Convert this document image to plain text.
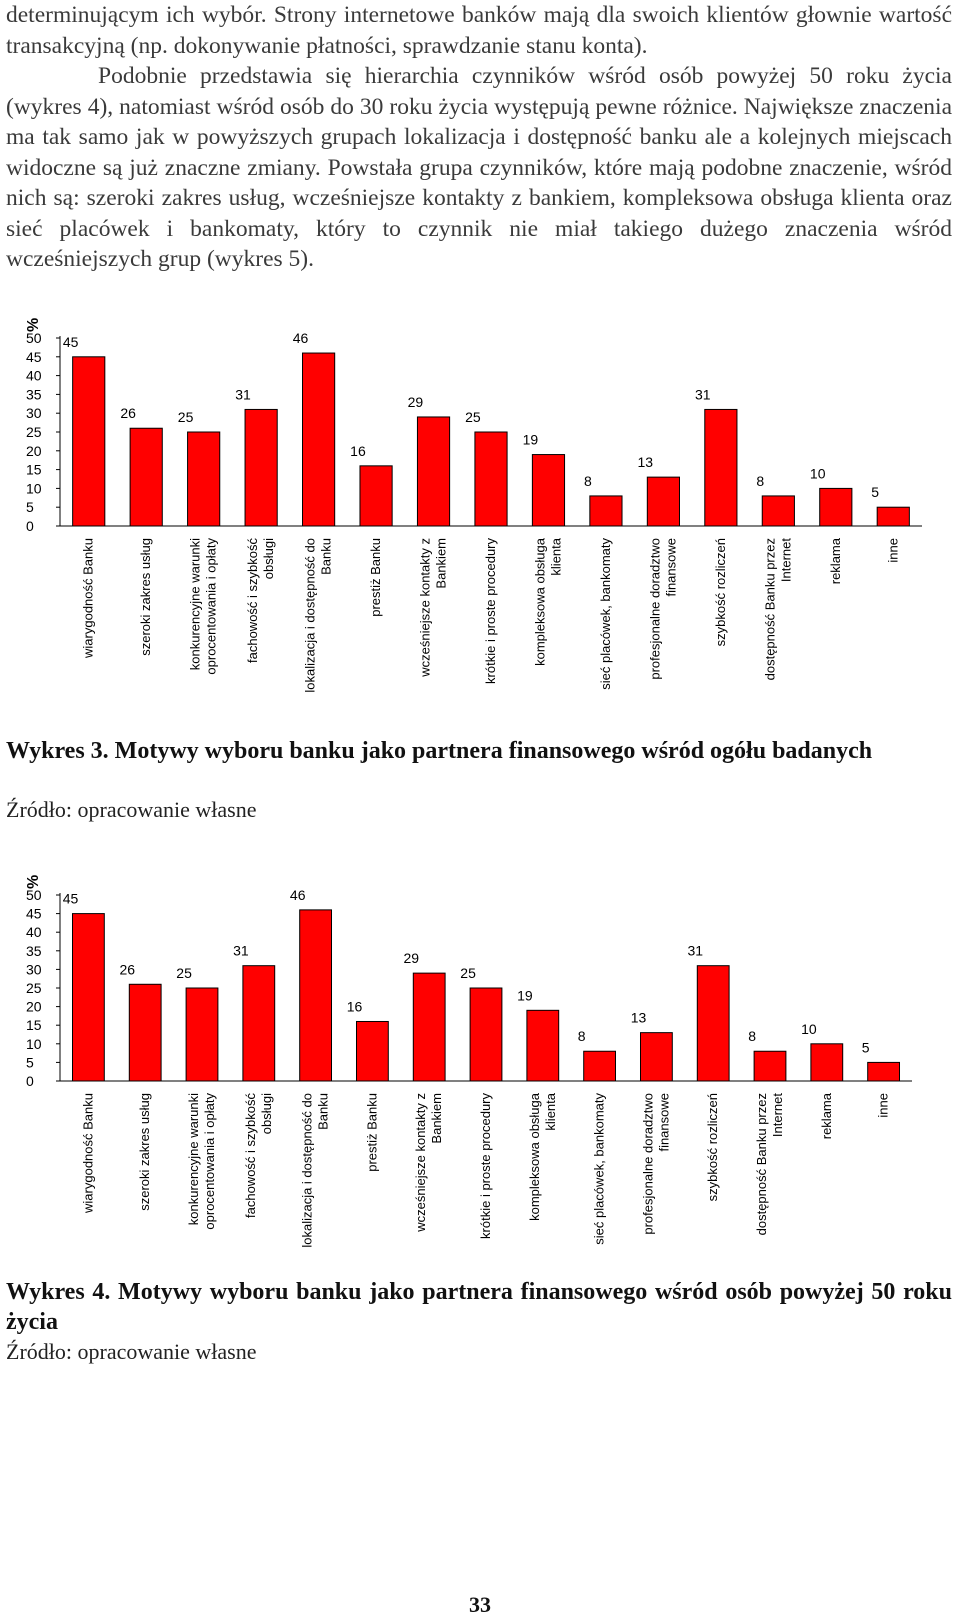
determinującym ich wybór. Strony internetowe banków mają dla swoich klientów głownie wartość transakcyjną (np. dokonywanie płatności, sprawdzanie stanu konta).

Podobnie przedstawia się hierarchia czynników wśród osób powyżej 50 roku życia (wykres 4), natomiast wśród osób do 30 roku życia występują pewne różnice. Największe znaczenia ma tak samo jak w powyższych grupach lokalizacja i dostępność banku ale a kolejnych miejscach widoczne są już znaczne zmiany. Powstała grupa czynników, które mają podobne znaczenie, wśród nich są: szeroki zakres usług, wcześniejsze kontakty z bankiem, kompleksowa obsługa klienta oraz sieć placówek i bankomaty, który to czynnik nie miał takiego dużego znaczenia wśród wcześniejszych grup (wykres 5).

%
0
5
10
15
20
25
30
35
40
45
50 45
wiarygodność Banku
26
szeroki zakres usług
25
konkurencyjne warunkioprocentowania i opłaty
31
fachowość i szybkośćobsługi
46
lokalizacja i dostępność doBanku
16
prestiż Banku
29
wcześniejsze kontakty zBankiem
25
krótkie i proste procedury
19
kompleksowa obsługaklienta
8
sieć placówek, bankomaty
13
profesjonalne doradztwofinansowe
31
szybkość rozliczeń
8
dostępność Banku przezInternet
10
reklama
5
inne

Wykres 3. Motywy wyboru banku jako partnera finansowego wśród ogółu badanych

Źródło: opracowanie własne

%
0
5
10
15
20
25
30
35
40
45
50 45
wiarygodność Banku
26
szeroki zakres usług
25
konkurencyjne warunkioprocentowania i opłaty
31
fachowość i szybkośćobsługi
46
lokalizacja i dostępność doBanku
16
prestiż Banku
29
wcześniejsze kontakty zBankiem
25
krótkie i proste procedury
19
kompleksowa obsługaklienta
8
sieć placówek, bankomaty
13
profesjonalne doradztwofinansowe
31
szybkość rozliczeń
8
dostępność Banku przezInternet
10
reklama
5
inne

Wykres 4. Motywy wyboru banku jako partnera finansowego wśród osób powyżej 50 roku życia

Źródło: opracowanie własne

33
